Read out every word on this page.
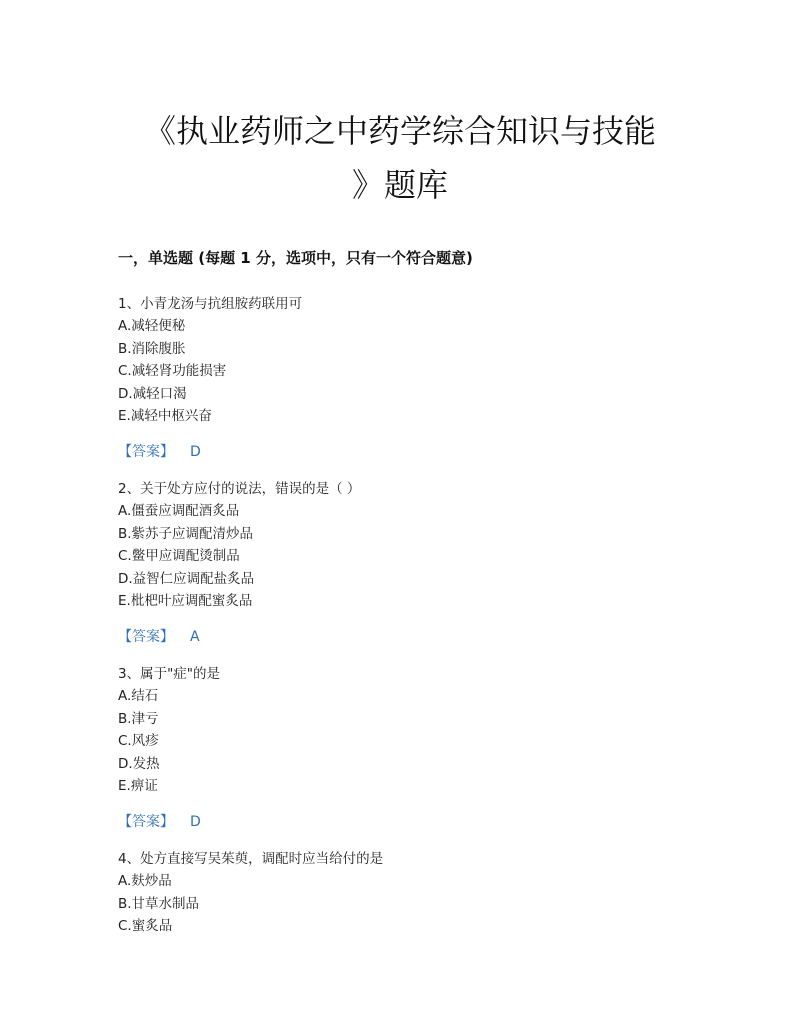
《执业药师之中药学综合知识与技能
》题库
一，单选题 (每题 1 分，选项中，只有一个符合题意)
1、小青龙汤与抗组胺药联用可
A.减轻便秘
B.消除腹胀
C.减轻肾功能损害
D.减轻口渴
E.减轻中枢兴奋
【答案】 D
2、关于处方应付的说法，错误的是（ ）
A.僵蚕应调配酒炙品
B.紫苏子应调配清炒品
C.鳖甲应调配烫制品
D.益智仁应调配盐炙品
E.枇杷叶应调配蜜炙品
【答案】 A
3、属于"症"的是
A.结石
B.津亏
C.风疹
D.发热
E.痹证
【答案】 D
4、处方直接写吴茱萸，调配时应当给付的是
A.麸炒品
B.甘草水制品
C.蜜炙品
